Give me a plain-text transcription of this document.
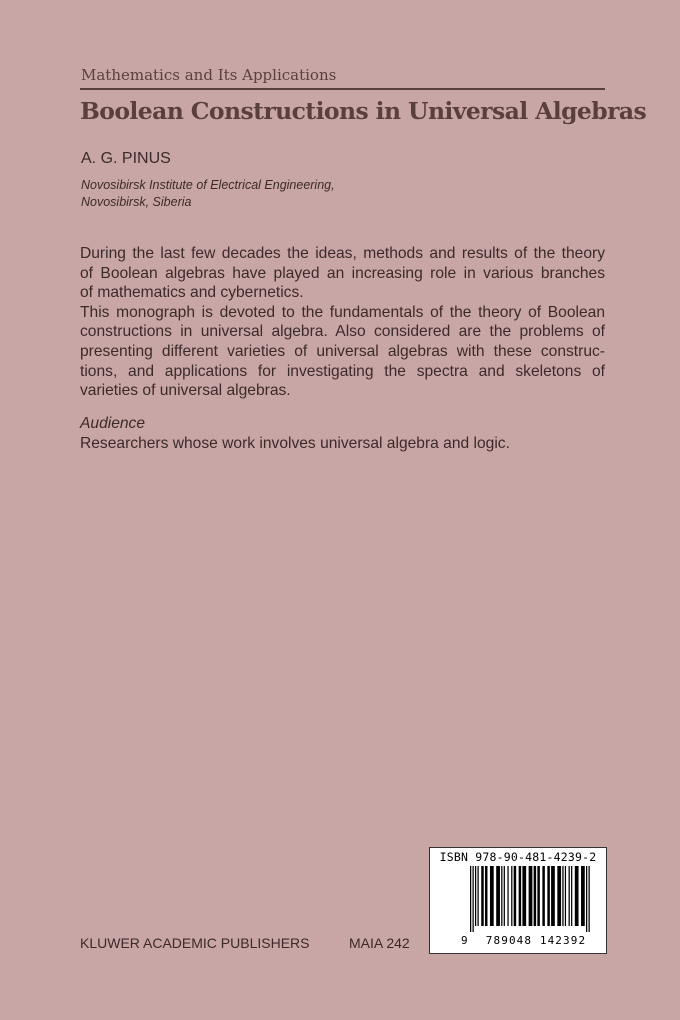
Mathematics and Its Applications
Boolean Constructions in Universal Algebras
A. G. PINUS
Novosibirsk Institute of Electrical Engineering,
Novosibirsk, Siberia
During the last few decades the ideas, methods and results of the theory
of Boolean algebras have played an increasing role in various branches
of mathematics and cybernetics.
This monograph is devoted to the fundamentals of the theory of Boolean
constructions in universal algebra. Also considered are the problems of
presenting different varieties of universal algebras with these construc-
tions, and applications for investigating the spectra and skeletons of
varieties of universal algebras.
Audience
Researchers whose work involves universal algebra and logic.
KLUWER ACADEMIC PUBLISHERS	MAIA 242
ISBN 978-90-481-4239-2
9	789048 142392
